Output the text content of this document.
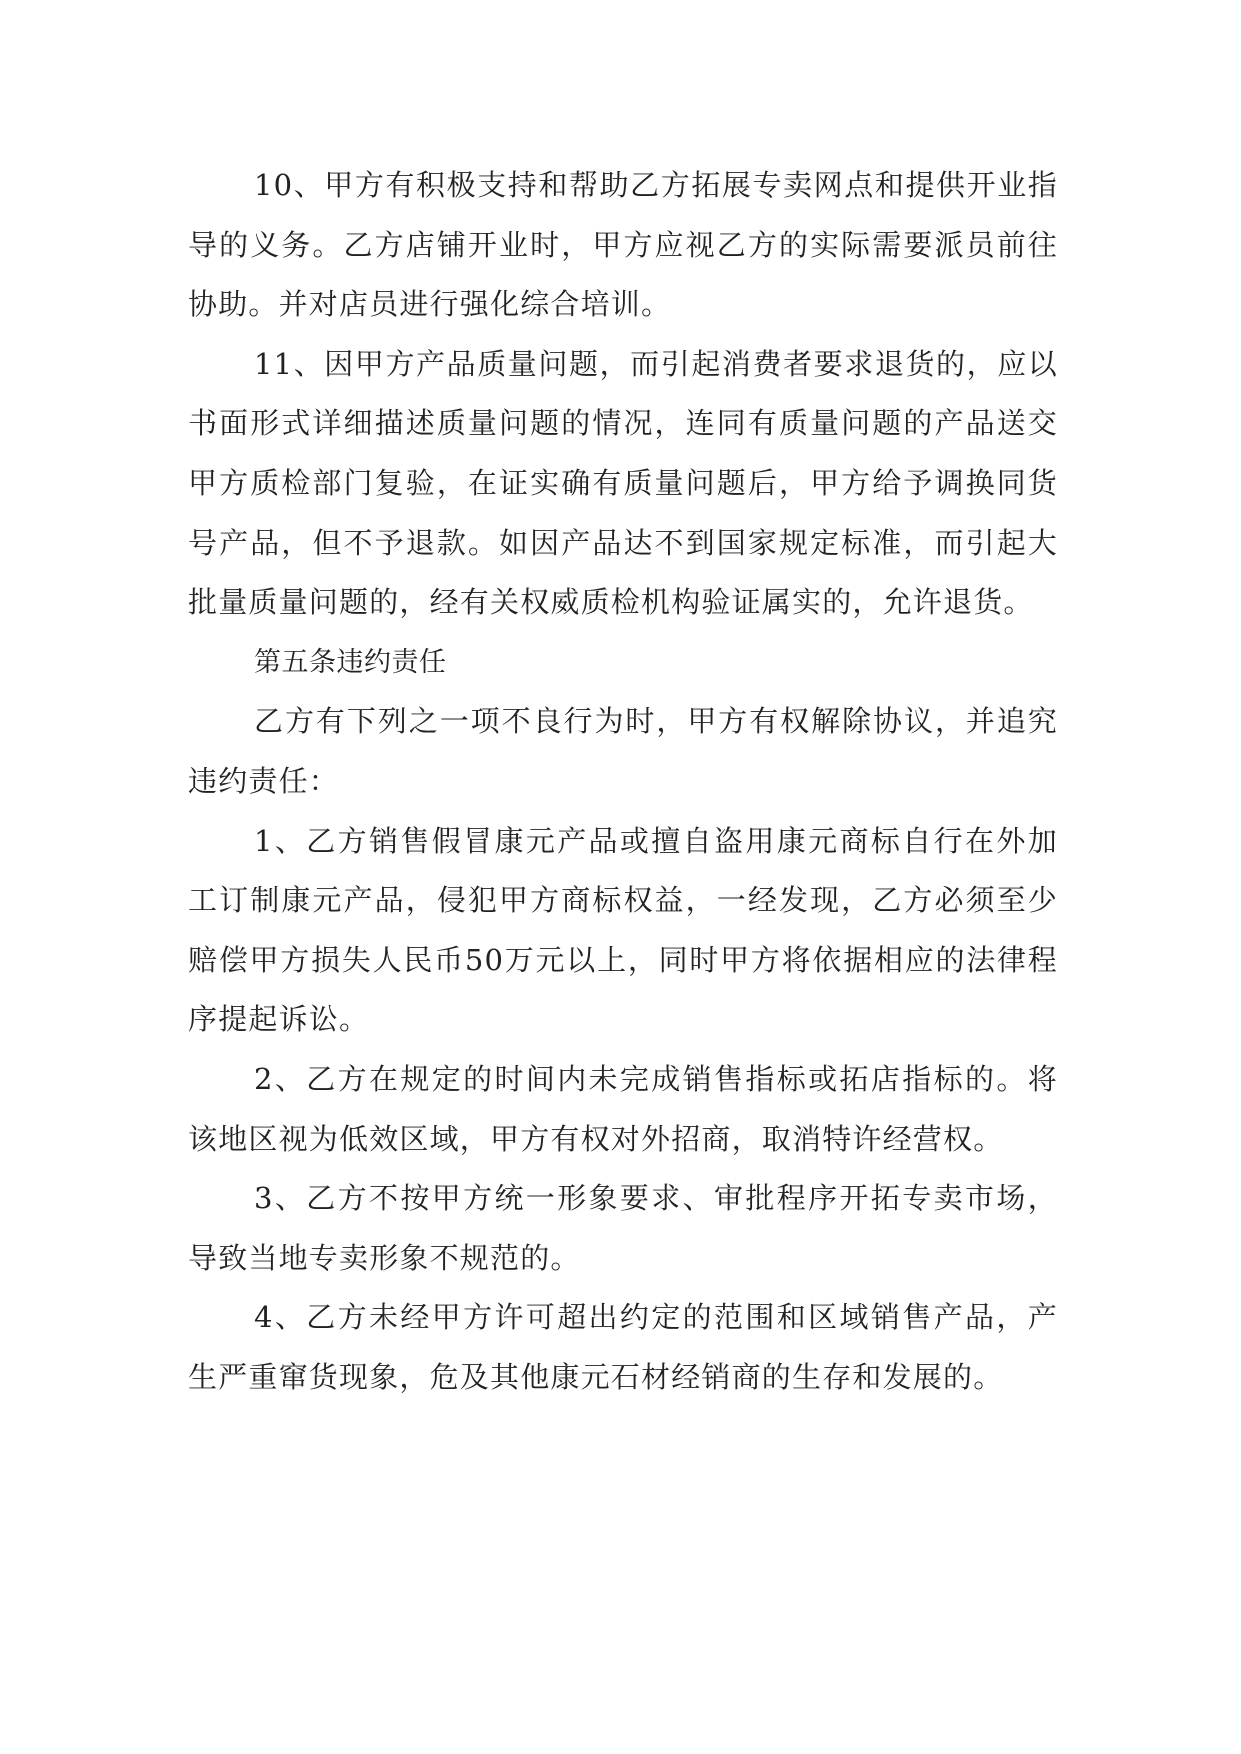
10、甲方有积极支持和帮助乙方拓展专卖网点和提供开业指导的义务。乙方店铺开业时，甲方应视乙方的实际需要派员前往协助。并对店员进行强化综合培训。

11、因甲方产品质量问题，而引起消费者要求退货的，应以书面形式详细描述质量问题的情况，连同有质量问题的产品送交甲方质检部门复验，在证实确有质量问题后，甲方给予调换同货号产品，但不予退款。如因产品达不到国家规定标准，而引起大批量质量问题的，经有关权威质检机构验证属实的，允许退货。

第五条违约责任

乙方有下列之一项不良行为时，甲方有权解除协议，并追究违约责任：

1、乙方销售假冒康元产品或擅自盗用康元商标自行在外加工订制康元产品，侵犯甲方商标权益，一经发现，乙方必须至少赔偿甲方损失人民币50万元以上，同时甲方将依据相应的法律程序提起诉讼。

2、乙方在规定的时间内未完成销售指标或拓店指标的。将该地区视为低效区域，甲方有权对外招商，取消特许经营权。

3、乙方不按甲方统一形象要求、审批程序开拓专卖市场，导致当地专卖形象不规范的。

4、乙方未经甲方许可超出约定的范围和区域销售产品，产生严重窜货现象，危及其他康元石材经销商的生存和发展的。
